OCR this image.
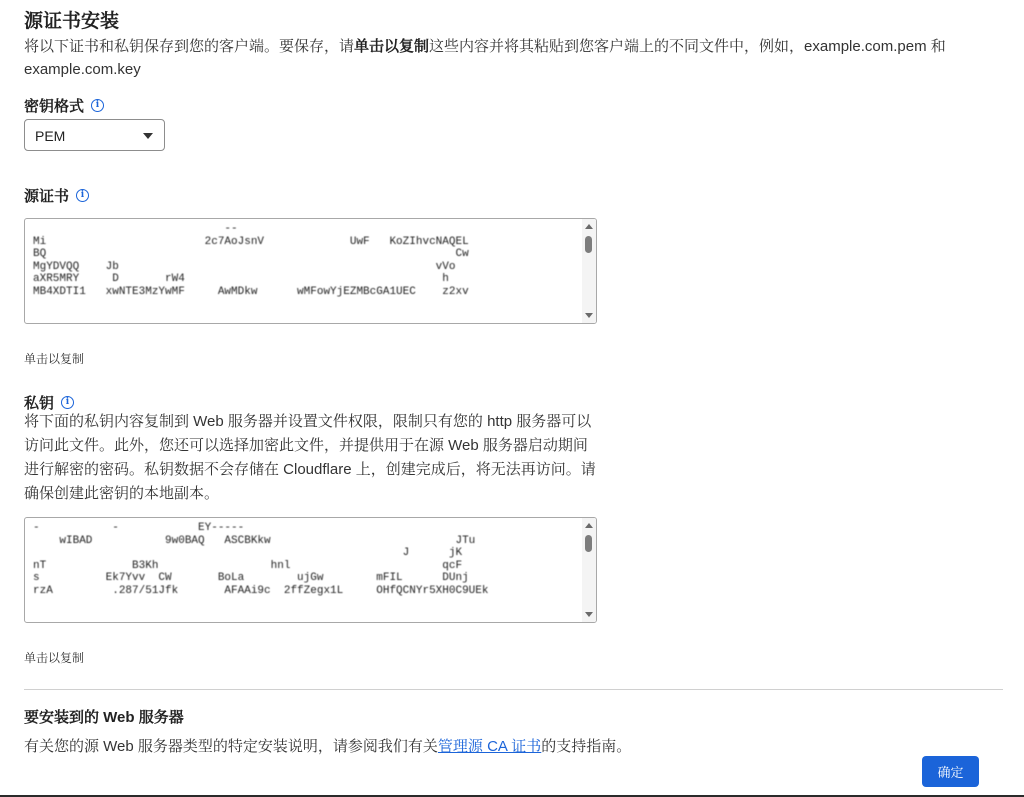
源证书安装
将以下证书和私钥保存到您的客户端。要保存，请单击以复制这些内容并将其粘贴到您客户端上的不同文件中，例如，example.com.pem 和 example.com.key
密钥格式	i
PEM
源证书	i
--
Mi                        2c7AoJsnV             UwF   KoZIhvcNAQEL
BQ                                                              Cw
MgYDVQQ    Jb                                                vVo
aXR5MRY     D       rW4                                       h
MB4XDTI1   xwNTE3MzYwMF     AwMDkw      wMFowYjEZMBcGA1UEC    z2xv
单击以复制
私钥	i
将下面的私钥内容复制到 Web 服务器并设置文件权限，限制只有您的 http 服务器可以访问此文件。此外，您还可以选择加密此文件，并提供用于在源 Web 服务器启动期间进行解密的密码。私钥数据不会存储在 Cloudflare 上，创建完成后，将无法再访问。请确保创建此密钥的本地副本。
-           -            EY-----
wIBAD           9w0BAQ   ASCBKkw                            JTu
J      jK
nT             B3Kh                 hnl                       qcF
s          Ek7Yvv  CW       BoLa        ujGw        mFIL      DUnj
rzA         .287/51Jfk       AFAAi9c  2ffZegx1L     OHfQCNYr5XH0C9UEk
单击以复制
要安装到的 Web 服务器
有关您的源 Web 服务器类型的特定安装说明，请参阅我们有关管理源 CA 证书的支持指南。
确定
